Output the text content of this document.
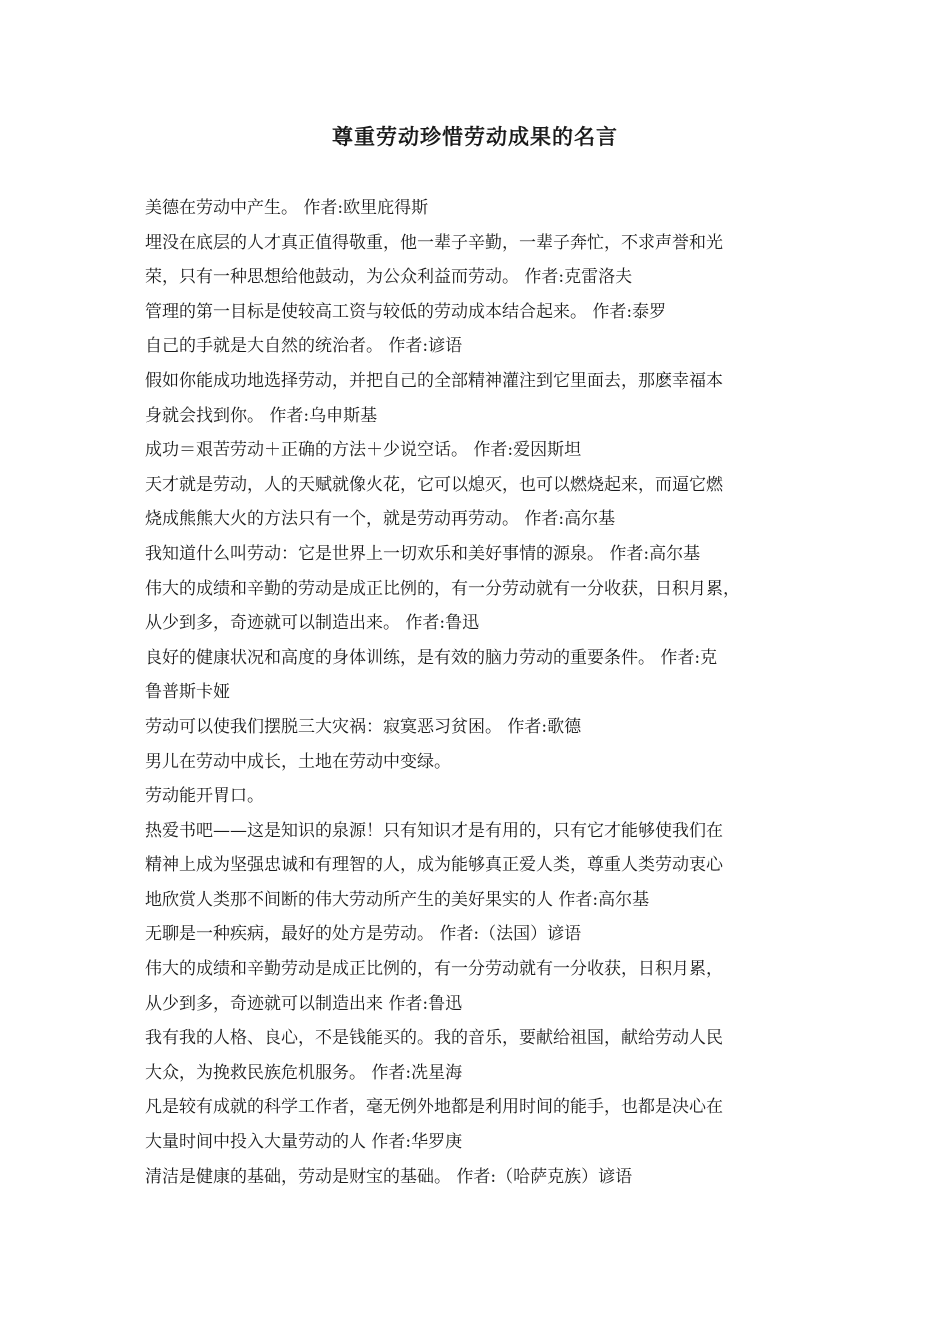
尊重劳动珍惜劳动成果的名言
美德在劳动中产生。 作者:欧里庇得斯
埋没在底层的人才真正值得敬重，他一辈子辛勤，一辈子奔忙，不求声誉和光
荣，只有一种思想给他鼓动，为公众利益而劳动。 作者:克雷洛夫
管理的第一目标是使较高工资与较低的劳动成本结合起来。 作者:泰罗
自己的手就是大自然的统治者。 作者:谚语
假如你能成功地选择劳动，并把自己的全部精神灌注到它里面去，那麽幸福本
身就会找到你。 作者:乌申斯基
成功＝艰苦劳动＋正确的方法＋少说空话。 作者:爱因斯坦
天才就是劳动，人的天赋就像火花，它可以熄灭，也可以燃烧起来，而逼它燃
烧成熊熊大火的方法只有一个，就是劳动再劳动。 作者:高尔基
我知道什么叫劳动：它是世界上一切欢乐和美好事情的源泉。 作者:高尔基
伟大的成绩和辛勤的劳动是成正比例的，有一分劳动就有一分收获，日积月累，
从少到多，奇迹就可以制造出来。 作者:鲁迅
良好的健康状况和高度的身体训练，是有效的脑力劳动的重要条件。 作者:克
鲁普斯卡娅
劳动可以使我们摆脱三大灾祸：寂寞恶习贫困。 作者:歌德
男儿在劳动中成长，土地在劳动中变绿。
劳动能开胃口。
热爱书吧——这是知识的泉源！只有知识才是有用的，只有它才能够使我们在
精神上成为坚强忠诚和有理智的人，成为能够真正爱人类，尊重人类劳动衷心
地欣赏人类那不间断的伟大劳动所产生的美好果实的人 作者:高尔基
无聊是一种疾病，最好的处方是劳动。 作者:（法国）谚语
伟大的成绩和辛勤劳动是成正比例的，有一分劳动就有一分收获，日积月累，
从少到多，奇迹就可以制造出来 作者:鲁迅
我有我的人格、良心，不是钱能买的。我的音乐，要献给祖国，献给劳动人民
大众，为挽救民族危机服务。 作者:冼星海
凡是较有成就的科学工作者，毫无例外地都是利用时间的能手，也都是决心在
大量时间中投入大量劳动的人 作者:华罗庚
清洁是健康的基础，劳动是财宝的基础。 作者:（哈萨克族）谚语
